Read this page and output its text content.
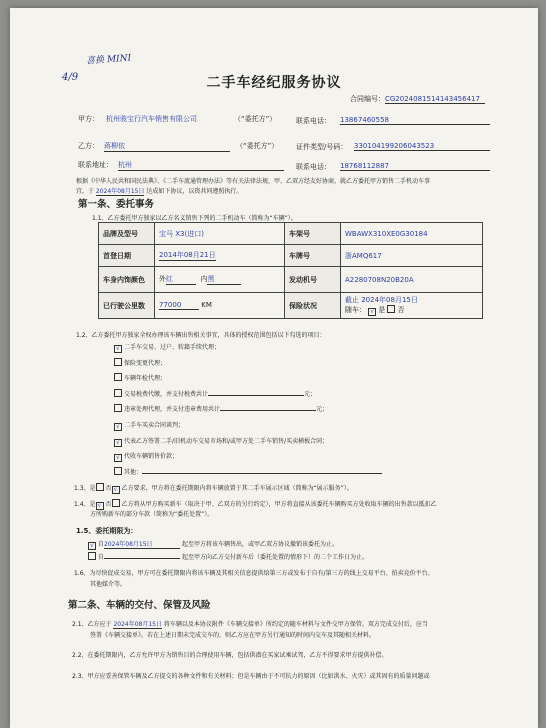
4/9
喜换 MINI
二手车经纪服务协议
合同编号：CG20240815141434564​17
甲方： 杭州骏宝行汽车销售有限公司	（“委托方”）	联系电话： 13867460558
乙方： 蒋柳依	（“委托方”）	证件类型/号码： 330104199206043523
联系地址： 杭州	联系电话： 18768112887
根据《中华人民共和国民法典》、《二手车流通管理办法》等有关法律法规，甲、乙双方经友好协商，就乙方委托甲方销售二手机动车事
宜，于 2024年08月15日 达成如下协议，以资共同遵照执行。
第一条、委托事务
1.1、乙方委托甲方独家以乙方名义销售下列的二手机动车（简称为“车辆”）。
品牌及型号	宝马 X3(进口)	车架号	WBAWX310XE0G30184
首登日期	2014年08月21日	车牌号	浙AMQ617
车身内饰颜色	外红 内黑	发动机号	A2280708N20B20A
已行驶公里数	77000 KM	保险状况	截止 2024年08月15日
随车： √ 是 否
1.2、乙方委托甲方独家全权办理该车辆出售相关事宜，具体的授权范围包括以下勾选的项目：
√ 二手车交易、过户、转籍手续代理；
保险变更代理；
车辆年检代理；
交易税费代缴，并支付税费共计	元；
违章处理代理，并支付违章费用共计	元；
√ 二手车买卖合同谈判；
√ 代表乙方签署二手/旧机动车交易市场和/或甲方处二手车销售/买卖横板合同；
√ 代收车辆销售价款；
其他：
1.3、是 否 √ 乙方要求，甲方将在委托期限内将车辆放置于其二手车展示区域（简称为“展示服务”）。
1.4、是 √ 否 乙方将从甲方购买新车（取决于甲、乙双方的另行约定），甲方将直接从该委托车辆购买方处收取车辆的出售款以抵扣乙
方所购新车的部分车款（简称为“委托处置”）。
1.5、委托期限为：
√ 自2024年08月15日	起至甲方将该车辆售出，或甲乙双方协议撤销该委托为止。
自	起至甲方向乙方交付新车后（委托处置的情形下）的二个工作日为止。
1.6、为尽快促成交易，甲方可在委托期限内将该车辆及其相关信息提供给第三方或发布于自有/第三方的线上交易平台、拍卖竞价平台、
其他媒介等。
第二条、车辆的交付、保管及风险
2.1、乙方应于 2024年08月15日 将车辆以及本协议附件《车辆交接单》所约定的随车材料与文件交甲方保管。双方完成交付后，应当
签署《车辆交接单》。若在上述日期未完成交车的，则乙方应在甲方另行通知的时间内交车及其随相关材料。
2.2、在委托期限内，乙方允许甲方为销售目的合理使用车辆，包括供潜在买家试乘试驾，乙方不得要求甲方提供补偿。
2.3、甲方应妥善保管车辆及乙方提交的各种文件和有关材料；但是车辆由于不可抗力的原因（比如洪水、火灾）或其固有的质量问题或
